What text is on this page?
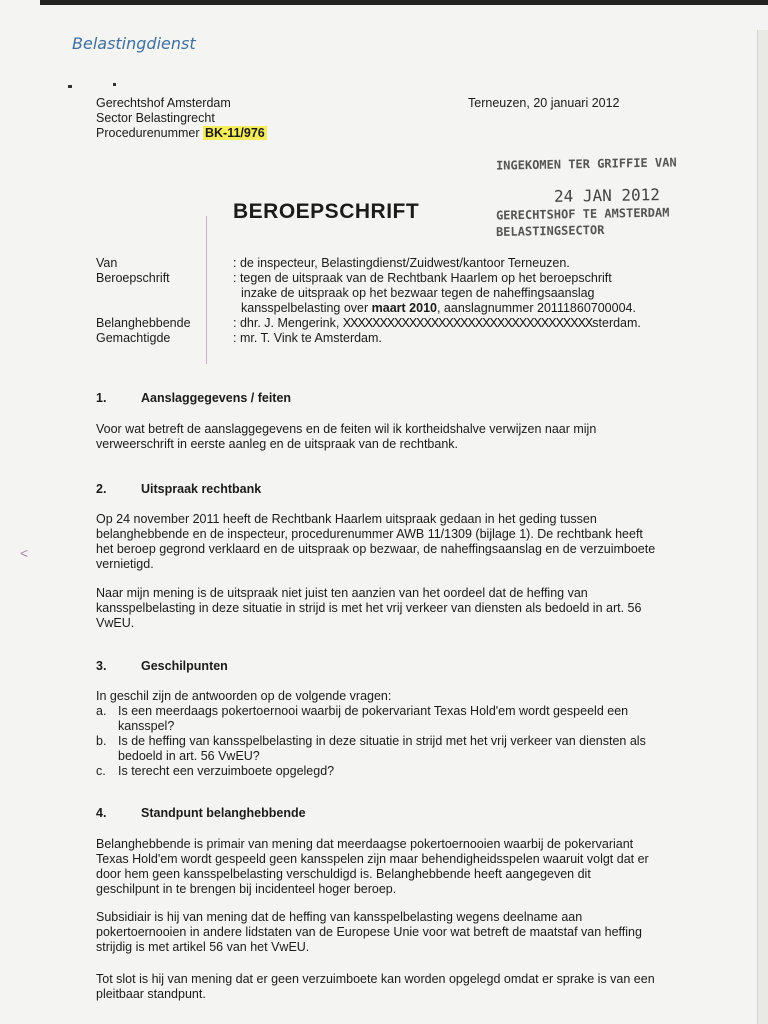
Belastingdienst
Gerechtshof Amsterdam
Sector Belastingrecht
Procedurenummer BK-11/976
Terneuzen, 20 januari 2012
INGEKOMEN TER GRIFFIE VAN
24 JAN 2012
GERECHTSHOF TE AMSTERDAM
BELASTINGSECTOR
BEROEPSCHRIFT
Van	: de inspecteur, Belastingdienst/Zuidwest/kantoor Terneuzen.
Beroepschrift	: tegen de uitspraak van de Rechtbank Haarlem op het beroepschrift
inzake de uitspraak op het bezwaar tegen de naheffingsaanslag
kansspelbelasting over maart 2010, aanslagnummer 20111860700004.
Belanghebbende	: dhr. J. Mengerink, XXXXXXXXXXXXXXXXXXXXXXXXXXXXXXXXXXsterdam.
Gemachtigde	: mr. T. Vink te Amsterdam.
1.	Aanslaggegevens / feiten
Voor wat betreft de aanslaggegevens en de feiten wil ik kortheidshalve verwijzen naar mijn verweerschrift in eerste aanleg en de uitspraak van de rechtbank.
2.	Uitspraak rechtbank
Op 24 november 2011 heeft de Rechtbank Haarlem uitspraak gedaan in het geding tussen belanghebbende en de inspecteur, procedurenummer AWB 11/1309 (bijlage 1). De rechtbank heeft het beroep gegrond verklaard en de uitspraak op bezwaar, de naheffingsaanslag en de verzuimboete vernietigd.
Naar mijn mening is de uitspraak niet juist ten aanzien van het oordeel dat de heffing van kansspelbelasting in deze situatie in strijd is met het vrij verkeer van diensten als bedoeld in art. 56 VwEU.
<
3.	Geschilpunten
In geschil zijn de antwoorden op de volgende vragen:
a. Is een meerdaags pokertoernooi waarbij de pokervariant Texas Hold'em wordt gespeeld een
kansspel?
b. Is de heffing van kansspelbelasting in deze situatie in strijd met het vrij verkeer van diensten als
bedoeld in art. 56 VwEU?
c. Is terecht een verzuimboete opgelegd?
4.	Standpunt belanghebbende
Belanghebbende is primair van mening dat meerdaagse pokertoernooien waarbij de pokervariant Texas Hold'em wordt gespeeld geen kansspelen zijn maar behendigheidsspelen waaruit volgt dat er door hem geen kansspelbelasting verschuldigd is. Belanghebbende heeft aangegeven dit geschilpunt in te brengen bij incidenteel hoger beroep.
Subsidiair is hij van mening dat de heffing van kansspelbelasting wegens deelname aan pokertoernooien in andere lidstaten van de Europese Unie voor wat betreft de maatstaf van heffing strijdig is met artikel 56 van het VwEU.
Tot slot is hij van mening dat er geen verzuimboete kan worden opgelegd omdat er sprake is van een pleitbaar standpunt.
